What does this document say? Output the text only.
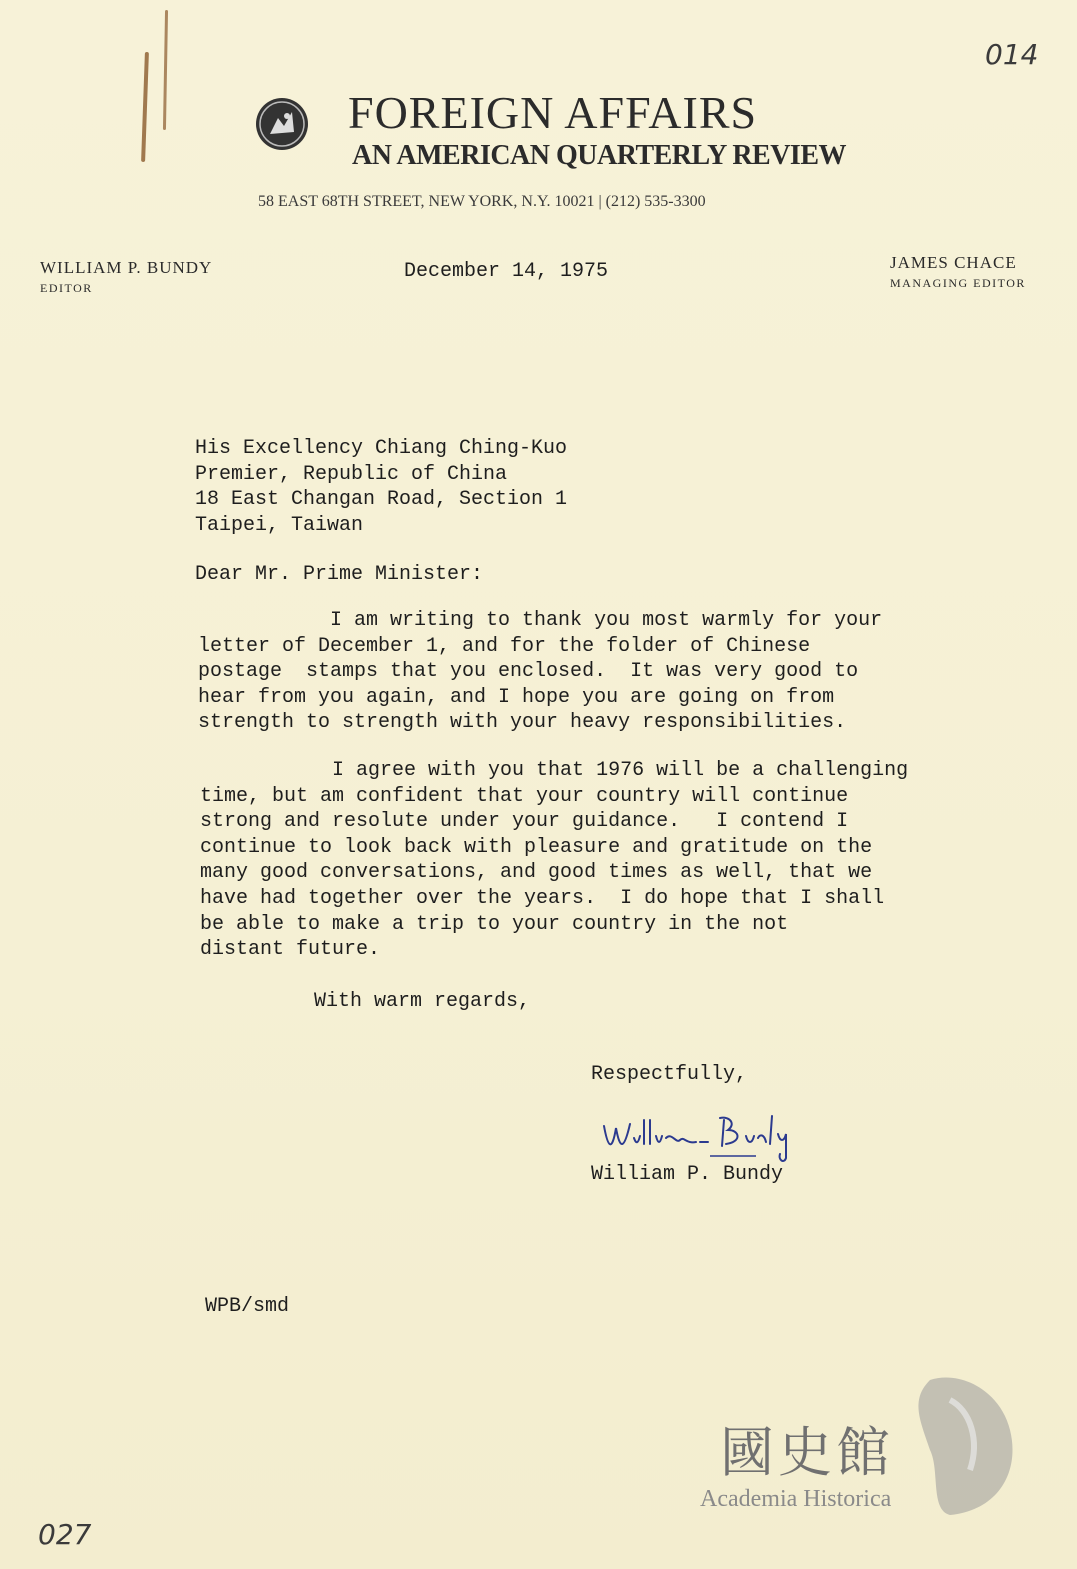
014
FOREIGN AFFAIRS
AN AMERICAN QUARTERLY REVIEW
58 EAST 68TH STREET, NEW YORK, N.Y. 10021 | (212) 535-3300
WILLIAM P. BUNDY
EDITOR
JAMES CHACE
MANAGING EDITOR
December 14, 1975
His Excellency Chiang Ching-Kuo
Premier, Republic of China
18 East Changan Road, Section 1
Taipei, Taiwan
Dear Mr. Prime Minister:
I am writing to thank you most warmly for your
letter of December 1, and for the folder of Chinese
postage  stamps that you enclosed.  It was very good to
hear from you again, and I hope you are going on from
strength to strength with your heavy responsibilities.
I agree with you that 1976 will be a challenging
time, but am confident that your country will continue
strong and resolute under your guidance.   I contend I
continue to look back with pleasure and gratitude on the
many good conversations, and good times as well, that we
have had together over the years.  I do hope that I shall
be able to make a trip to your country in the not
distant future.
With warm regards,
Respectfully,
William P. Bundy
WPB/smd
國史館
Academia Historica
027
